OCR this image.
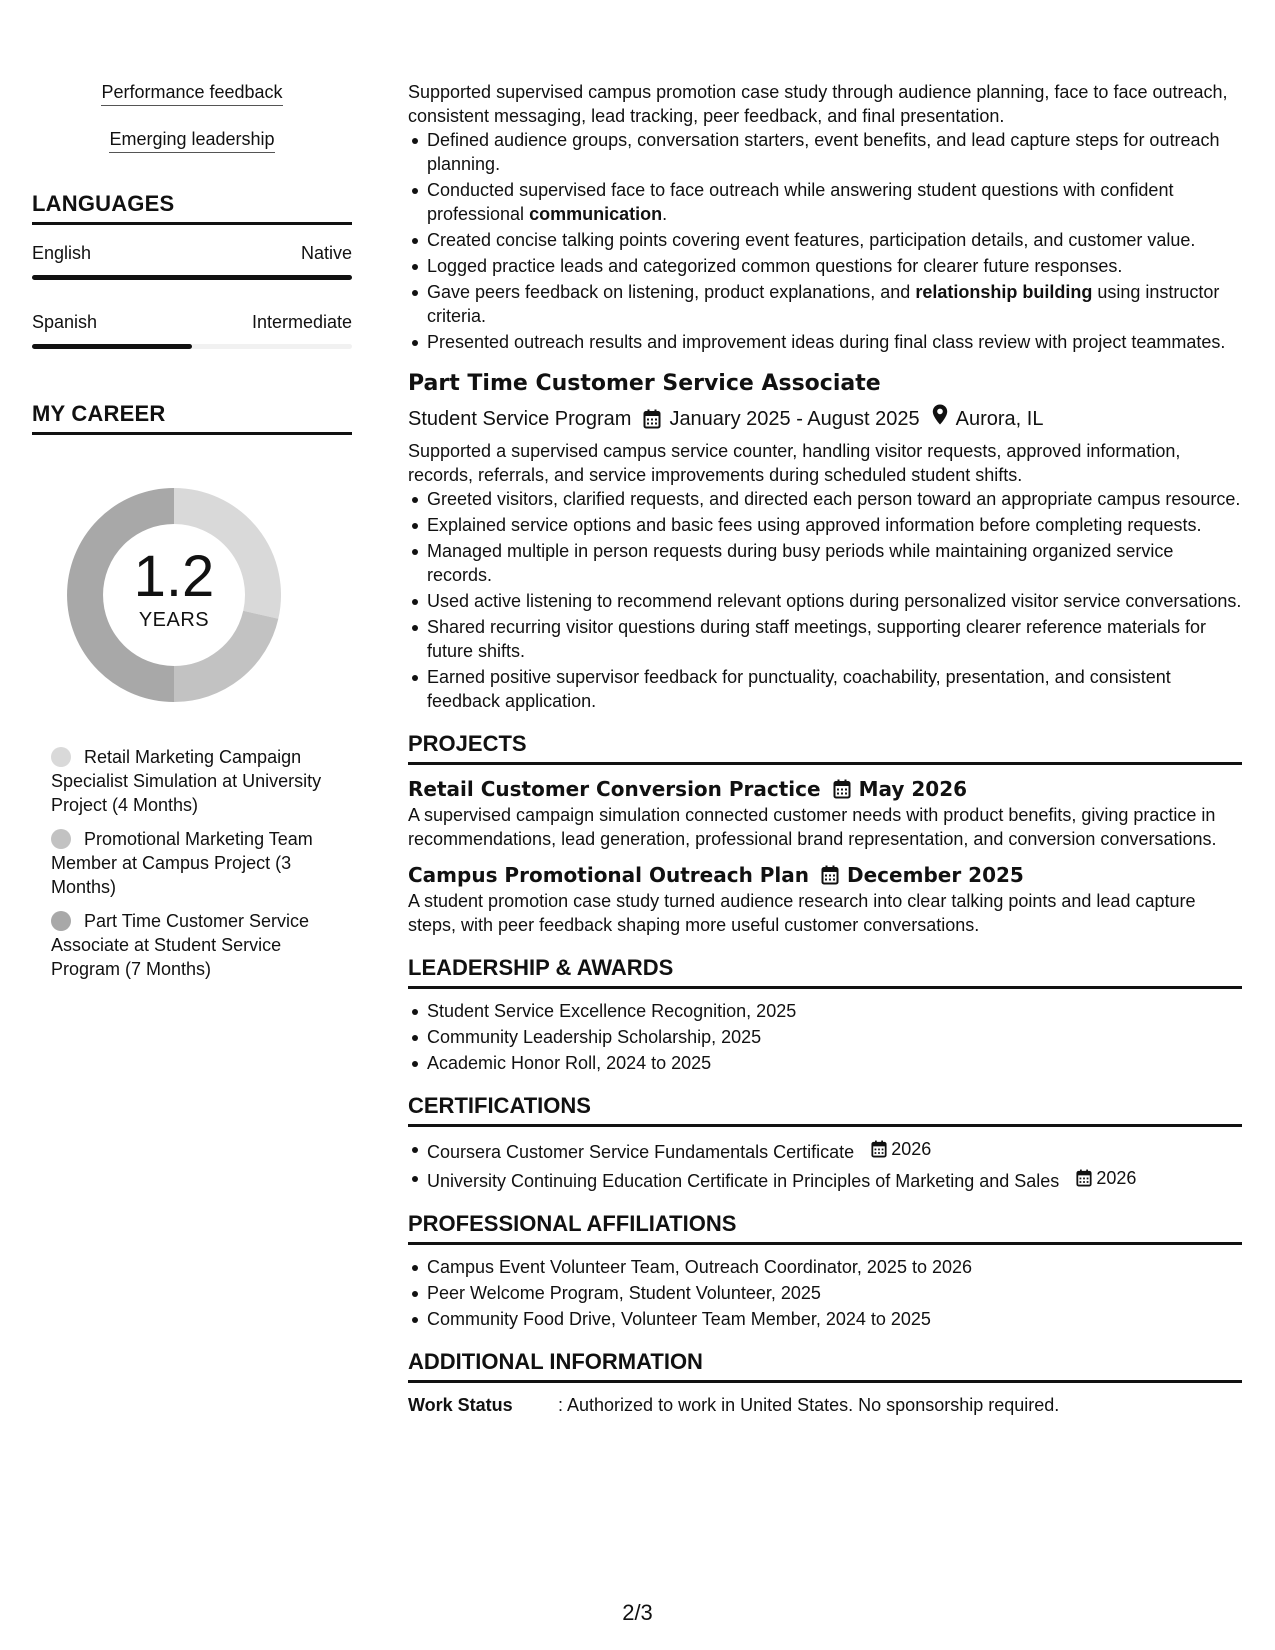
Performance feedback
Emerging leadership
LANGUAGES
English	Native
Spanish	Intermediate
MY CAREER
1.2
YEARS
Retail Marketing Campaign Specialist Simulation at University Project (4 Months)
Promotional Marketing Team Member at Campus Project (3 Months)
Part Time Customer Service Associate at Student Service Program (7 Months)
Supported supervised campus promotion case study through audience planning, face to face outreach, consistent messaging, lead tracking, peer feedback, and final presentation.
Defined audience groups, conversation starters, event benefits, and lead capture steps for outreach planning.
Conducted supervised face to face outreach while answering student questions with confident professional communication.
Created concise talking points covering event features, participation details, and customer value.
Logged practice leads and categorized common questions for clearer future responses.
Gave peers feedback on listening, product explanations, and relationship building using instructor criteria.
Presented outreach results and improvement ideas during final class review with project teammates.
Part Time Customer Service Associate
Student Service Program January 2025 - August 2025 Aurora, IL
Supported a supervised campus service counter, handling visitor requests, approved information, records, referrals, and service improvements during scheduled student shifts.
Greeted visitors, clarified requests, and directed each person toward an appropriate campus resource.
Explained service options and basic fees using approved information before completing requests.
Managed multiple in person requests during busy periods while maintaining organized service records.
Used active listening to recommend relevant options during personalized visitor service conversations.
Shared recurring visitor questions during staff meetings, supporting clearer reference materials for future shifts.
Earned positive supervisor feedback for punctuality, coachability, presentation, and consistent feedback application.
PROJECTS
Retail Customer Conversion Practice May 2026
A supervised campaign simulation connected customer needs with product benefits, giving practice in recommendations, lead generation, professional brand representation, and conversion conversations.
Campus Promotional Outreach Plan December 2025
A student promotion case study turned audience research into clear talking points and lead capture steps, with peer feedback shaping more useful customer conversations.
LEADERSHIP & AWARDS
Student Service Excellence Recognition, 2025
Community Leadership Scholarship, 2025
Academic Honor Roll, 2024 to 2025
CERTIFICATIONS
Coursera Customer Service Fundamentals Certificate 2026
University Continuing Education Certificate in Principles of Marketing and Sales 2026
PROFESSIONAL AFFILIATIONS
Campus Event Volunteer Team, Outreach Coordinator, 2025 to 2026
Peer Welcome Program, Student Volunteer, 2025
Community Food Drive, Volunteer Team Member, 2024 to 2025
ADDITIONAL INFORMATION
Work Status	: Authorized to work in United States. No sponsorship required.
2/3
